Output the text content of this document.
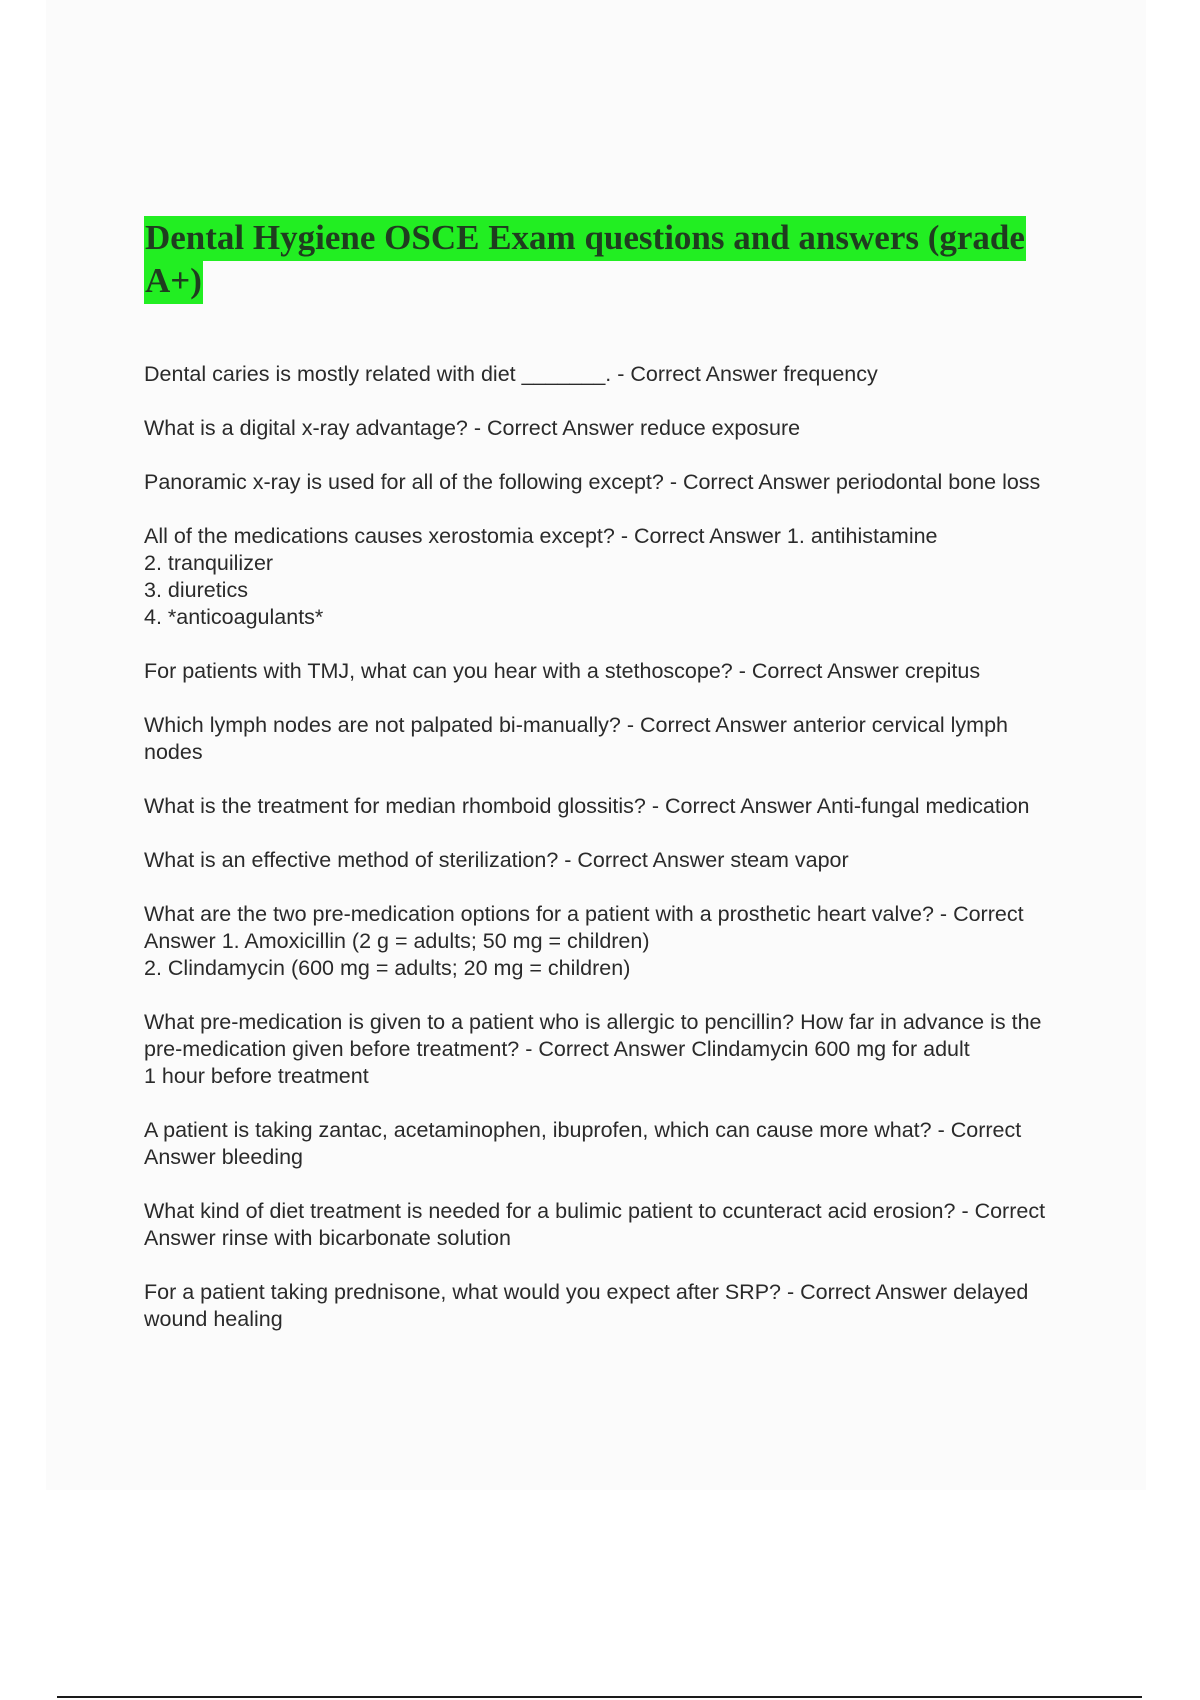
Dental Hygiene OSCE Exam questions and answers (grade A+)
Dental caries is mostly related with diet _______. - Correct Answer frequency
What is a digital x-ray advantage? - Correct Answer reduce exposure
Panoramic x-ray is used for all of the following except? - Correct Answer periodontal bone loss
All of the medications causes xerostomia except? - Correct Answer 1. antihistamine
2. tranquilizer
3. diuretics
4. *anticoagulants*
For patients with TMJ, what can you hear with a stethoscope? - Correct Answer crepitus
Which lymph nodes are not palpated bi-manually? - Correct Answer anterior cervical lymph nodes
What is the treatment for median rhomboid glossitis? - Correct Answer Anti-fungal medication
What is an effective method of sterilization? - Correct Answer steam vapor
What are the two pre-medication options for a patient with a prosthetic heart valve? - Correct Answer 1. Amoxicillin (2 g = adults; 50 mg = children)
2. Clindamycin (600 mg = adults; 20 mg = children)
What pre-medication is given to a patient who is allergic to pencillin? How far in advance is the pre-medication given before treatment? - Correct Answer Clindamycin 600 mg for adult
1 hour before treatment
A patient is taking zantac, acetaminophen, ibuprofen, which can cause more what? - Correct Answer bleeding
What kind of diet treatment is needed for a bulimic patient to ccunteract acid erosion? - Correct Answer rinse with bicarbonate solution
For a patient taking prednisone, what would you expect after SRP? - Correct Answer delayed wound healing
